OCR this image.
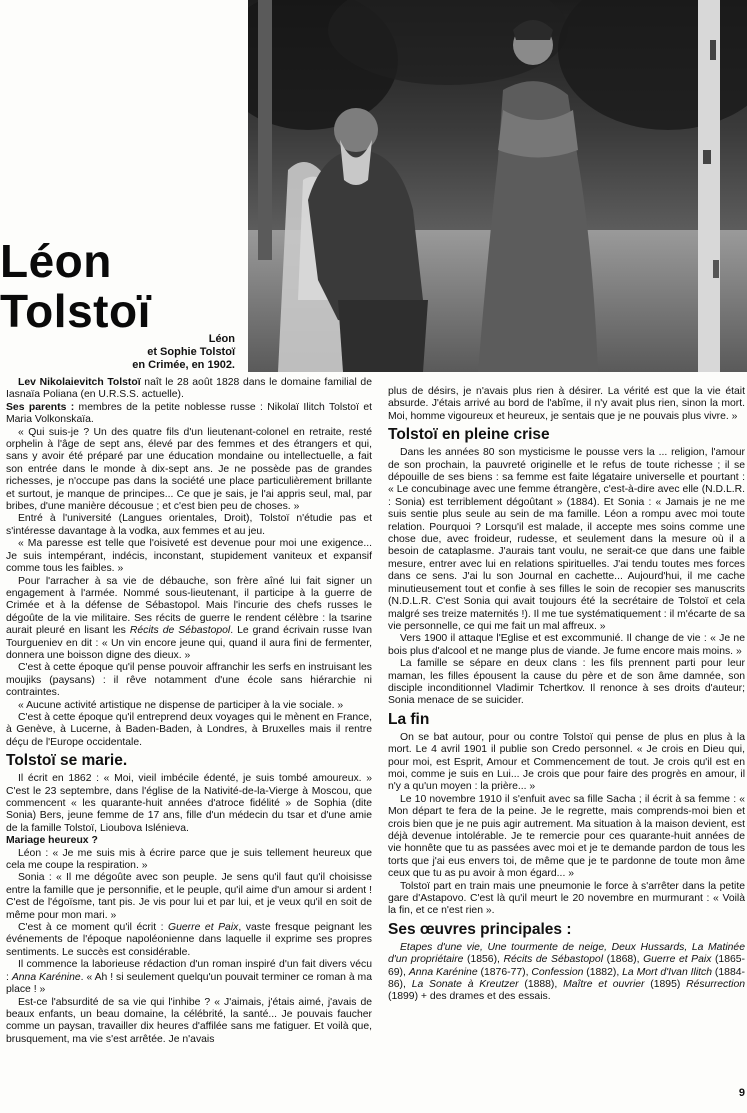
Léon
Tolstoï
Léon
et Sophie Tolstoï
en Crimée, en 1902.

Lev Nikolaievitch Tolstoï naît le 28 août 1828 dans le domaine familial de Iasnaïa Poliana (en U.R.S.S. actuelle).

Ses parents : membres de la petite noblesse russe : Nikolaï Ilitch Tolstoï et Maria Volkonskaïa.

« Qui suis-je ? Un des quatre fils d'un lieutenant-colonel en retraite, resté orphelin à l'âge de sept ans, élevé par des femmes et des étrangers et qui, sans y avoir été préparé par une éducation mondaine ou intellectuelle, a fait son entrée dans le monde à dix-sept ans. Je ne possède pas de grandes richesses, je n'occupe pas dans la société une place particulièrement brillante et surtout, je manque de principes... Ce que je sais, je l'ai appris seul, mal, par bribes, d'une manière décousue ; et c'est bien peu de choses. »

Entré à l'université (Langues orientales, Droit), Tolstoï n'étudie pas et s'intéresse davantage à la vodka, aux femmes et au jeu.

« Ma paresse est telle que l'oisiveté est devenue pour moi une exigence... Je suis intempérant, indécis, inconstant, stupidement vaniteux et expansif comme tous les faibles. »

Pour l'arracher à sa vie de débauche, son frère aîné lui fait signer un engagement à l'armée. Nommé sous-lieutenant, il participe à la guerre de Crimée et à la défense de Sébastopol. Mais l'incurie des chefs russes le dégoûte de la vie militaire. Ses récits de guerre le rendent célèbre : la tsarine aurait pleuré en lisant les Récits de Sébastopol. Le grand écrivain russe Ivan Tourgueniev en dit : « Un vin encore jeune qui, quand il aura fini de fermenter, donnera une boisson digne des dieux. »

C'est à cette époque qu'il pense pouvoir affranchir les serfs en instruisant les moujiks (paysans) : il rêve notamment d'une école sans hiérarchie ni contraintes.

« Aucune activité artistique ne dispense de participer à la vie sociale. »

C'est à cette époque qu'il entreprend deux voyages qui le mènent en France, à Genève, à Lucerne, à Baden-Baden, à Londres, à Bruxelles mais il rentre déçu de l'Europe occidentale.

Tolstoï se marie.

Il écrit en 1862 : « Moi, vieil imbécile édenté, je suis tombé amoureux. » C'est le 23 septembre, dans l'église de la Nativité-de-la-Vierge à Moscou, que commencent « les quarante-huit années d'atroce fidélité » de Sophia (dite Sonia) Bers, jeune femme de 17 ans, fille d'un médecin du tsar et d'une amie de la famille Tolstoï, Lioubova Islénieva.

Mariage heureux ?

Léon : « Je me suis mis à écrire parce que je suis tellement heureux que cela me coupe la respiration. »

Sonia : « Il me dégoûte avec son peuple. Je sens qu'il faut qu'il choisisse entre la famille que je personnifie, et le peuple, qu'il aime d'un amour si ardent ! C'est de l'égoïsme, tant pis. Je vis pour lui et par lui, et je veux qu'il en soit de même pour mon mari. »

C'est à ce moment qu'il écrit : Guerre et Paix, vaste fresque peignant les événements de l'époque napoléonienne dans laquelle il exprime ses propres sentiments. Le succès est considérable.

Il commence la laborieuse rédaction d'un roman inspiré d'un fait divers vécu : Anna Karénine. « Ah ! si seulement quelqu'un pouvait terminer ce roman à ma place ! »

Est-ce l'absurdité de sa vie qui l'inhibe ? « J'aimais, j'étais aimé, j'avais de beaux enfants, un beau domaine, la célébrité, la santé... Je pouvais faucher comme un paysan, travailler dix heures d'affilée sans me fatiguer. Et voilà que, brusquement, ma vie s'est arrêtée. Je n'avais

plus de désirs, je n'avais plus rien à désirer. La vérité est que la vie était absurde. J'étais arrivé au bord de l'abîme, il n'y avait plus rien, sinon la mort. Moi, homme vigoureux et heureux, je sentais que je ne pouvais plus vivre. »

Tolstoï en pleine crise

Dans les années 80 son mysticisme le pousse vers la ... religion, l'amour de son prochain, la pauvreté originelle et le refus de toute richesse ; il se dépouille de ses biens : sa femme est faite légataire universelle et pourtant : « Le concubinage avec une femme étrangère, c'est-à-dire avec elle (N.D.L.R. : Sonia) est terriblement dégoûtant » (1884). Et Sonia : « Jamais je ne me suis sentie plus seule au sein de ma famille. Léon a rompu avec moi toute relation. Pourquoi ? Lorsqu'il est malade, il accepte mes soins comme une chose due, avec froideur, rudesse, et seulement dans la mesure où il a besoin de cataplasme. J'aurais tant voulu, ne serait-ce que dans une faible mesure, entrer avec lui en relations spirituelles. J'ai tendu toutes mes forces dans ce sens. J'ai lu son Journal en cachette... Aujourd'hui, il me cache minutieusement tout et confie à ses filles le soin de recopier ses manuscrits (N.D.L.R. C'est Sonia qui avait toujours été la secrétaire de Tolstoï et cela malgré ses treize maternités !). Il me tue systématiquement : il m'écarte de sa vie personnelle, ce qui me fait un mal affreux. »

Vers 1900 il attaque l'Eglise et est excommunié. Il change de vie : « Je ne bois plus d'alcool et ne mange plus de viande. Je fume encore mais moins. »

La famille se sépare en deux clans : les fils prennent parti pour leur maman, les filles épousent la cause du père et de son âme damnée, son disciple inconditionnel Vladimir Tchertkov. Il renonce à ses droits d'auteur; Sonia menace de se suicider.

La fin

On se bat autour, pour ou contre Tolstoï qui pense de plus en plus à la mort. Le 4 avril 1901 il publie son Credo personnel. « Je crois en Dieu qui, pour moi, est Esprit, Amour et Commencement de tout. Je crois qu'il est en moi, comme je suis en Lui... Je crois que pour faire des progrès en amour, il n'y a qu'un moyen : la prière... »

Le 10 novembre 1910 il s'enfuit avec sa fille Sacha ; il écrit à sa femme : « Mon départ te fera de la peine. Je le regrette, mais comprends-moi bien et crois bien que je ne puis agir autrement. Ma situation à la maison devient, est déjà devenue intolérable. Je te remercie pour ces quarante-huit années de vie honnête que tu as passées avec moi et je te demande pardon de tous les torts que j'ai eus envers toi, de même que je te pardonne de toute mon âme ceux que tu as pu avoir à mon égard... »

Tolstoï part en train mais une pneumonie le force à s'arrêter dans la petite gare d'Astapovo. C'est là qu'il meurt le 20 novembre en murmurant : « Voilà la fin, et ce n'est rien ».

Ses œuvres principales :

Etapes d'une vie, Une tourmente de neige, Deux Hussards, La Matinée d'un propriétaire (1856), Récits de Sébastopol (1868), Guerre et Paix (1865-69), Anna Karénine (1876-77), Confession (1882), La Mort d'Ivan Ilitch (1884-86), La Sonate à Kreutzer (1888), Maître et ouvrier (1895) Résurrection (1899) + des drames et des essais.

9
